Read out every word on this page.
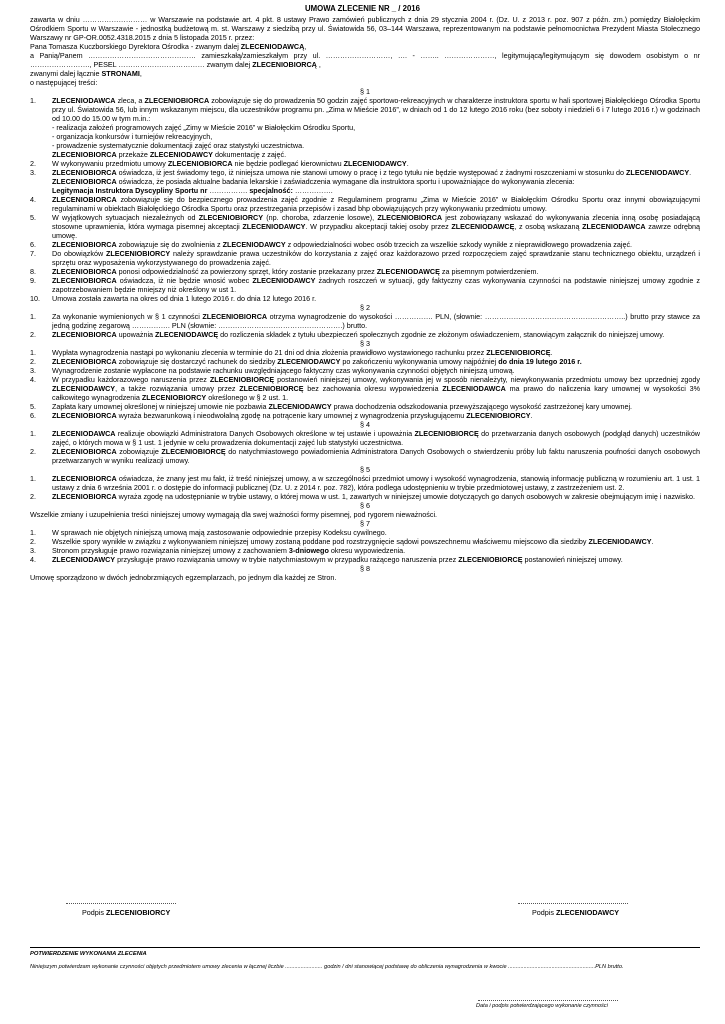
UMOWA ZLECENIE NR _ / 2016

zawarta w dniu ……………………… w Warszawie na podstawie art. 4 pkt. 8 ustawy Prawo zamówień publicznych z dnia 29 stycznia 2004 r. (Dz. U. z 2013 r. poz. 907 z późn. zm.) pomiędzy Białołęckim Ośrodkiem Sportu w Warszawie - jednostką budżetową m. st. Warszawy z siedzibą przy ul. Światowida 56, 03–144 Warszawa, reprezentowanym na podstawie pełnomocnictwa Prezydent Miasta Stołecznego Warszawy nr GP-OR.0052.4318.2015 z dnia 5 listopada 2015 r. przez:

Pana Tomasza Kuczborskiego Dyrektora Ośrodka - zwanym dalej ZLECENIODAWCĄ,

a Panią/Panem ……………………………………… zamieszkałą/zamieszkałym przy ul. ………………………, …. - …….. …………………, legitymującą/legitymującym się dowodem osobistym o nr ……………………., PESEL ……………………………… zwanym dalej ZLECENIOBIORCĄ ,

zwanymi dalej łącznie STRONAMI,

o następującej treści:

§ 1

1. ZLECENIODAWCA zleca, a ZLECENIOBIORCA zobowiązuje się do prowadzenia 50 godzin zajęć sportowo-rekreacyjnych w charakterze instruktora sportu w hali sportowej Białołęckiego Ośrodka Sportu przy ul. Światowida 56, lub innym wskazanym miejscu, dla uczestników programu pn. „Zima w Mieście 2016”, w dniach od 1 do 12 lutego 2016 roku (bez soboty i niedzieli 6 i 7 lutego 2016 r.) w godzinach od 10.00 do 15.00 w tym m.in.:
- realizacja założeń programowych zajęć „Zimy w Mieście 2016” w Białołęckim Ośrodku Sportu,
- organizacja konkursów i turniejów rekreacyjnych,
- prowadzenie systematycznie dokumentacji zajęć oraz statystyki uczestnictwa.
ZLECENIOBIORCA przekaże ZLECENIODAWCY dokumentację z zajęć.
2. W wykonywaniu przedmiotu umowy ZLECENIOBIORCA nie będzie podlegać kierownictwu ZLECENIODAWCY.
3. ZLECENIOBIORCA oświadcza, iż jest świadomy tego, iż niniejsza umowa nie stanowi umowy o pracę i z tego tytułu nie będzie występować z żadnymi roszczeniami w stosunku do ZLECENIODAWCY.
ZLECENIOBIORCA oświadcza, że posiada aktualne badania lekarskie i zaświadczenia wymagane dla instruktora sportu i upoważniające do wykonywania zlecenia:
Legitymacja Instruktora Dyscypliny Sportu nr ……………. specjalność: …………….
4. ZLECENIOBIORCA zobowiązuje się do bezpiecznego prowadzenia zajęć zgodnie z Regulaminem programu „Zima w Mieście 2016” w Białołęckim Ośrodku Sportu oraz innymi obowiązującymi regulaminami w obiektach Białołęckiego Ośrodka Sportu oraz przestrzegania przepisów i zasad bhp obowiązujących przy wykonywaniu przedmiotu umowy.
5. W wyjątkowych sytuacjach niezależnych od ZLECENIOBIORCY (np. choroba, zdarzenie losowe), ZLECENIOBIORCA jest zobowiązany wskazać do wykonywania zlecenia inną osobę posiadającą stosowne uprawnienia, która wymaga pisemnej akceptacji ZLECENIODAWCY. W przypadku akceptacji takiej osoby przez ZLECENIODAWCĘ, z osobą wskazaną ZLECENIODAWCA zawrze odrębną umowę.
6. ZLECENIOBIORCA zobowiązuje się do zwolnienia z ZLECENIODAWCY z odpowiedzialności wobec osób trzecich za wszelkie szkody wynikłe z nieprawidłowego prowadzenia zajęć.
7. Do obowiązków ZLECENIOBIORCY należy sprawdzanie prawa uczestników do korzystania z zajęć oraz każdorazowo przed rozpoczęciem zajęć sprawdzanie stanu technicznego obiektu, urządzeń i sprzętu oraz wyposażenia wykorzystywanego do prowadzenia zajęć.
8. ZLECENIOBIORCA ponosi odpowiedzialność za powierzony sprzęt, który zostanie przekazany przez ZLECENIODAWCĘ za pisemnym potwierdzeniem.
9. ZLECENIOBIORCA oświadcza, iż nie będzie wnosić wobec ZLECENIODAWCY żadnych roszczeń w sytuacji, gdy faktyczny czas wykonywania czynności na podstawie niniejszej umowy zgodnie z zapotrzebowaniem będzie mniejszy niż określony w ust 1.
10. Umowa została zawarta na okres od dnia 1 lutego 2016 r. do dnia 12 lutego 2016 r.

§ 2

1. Za wykonanie wymienionych w § 1 czynności ZLECENIOBIORCA otrzyma wynagrodzenie do wysokości ……………. PLN, (słownie: …………………………………………………..) brutto przy stawce za jedną godzinę zegarową ……………. PLN (słownie: …………………………………………….) brutto.
2. ZLECENIOBIORCA upoważnia ZLECENIODAWCĘ do rozliczenia składek z tytułu ubezpieczeń społecznych zgodnie ze złożonym oświadczeniem, stanowiącym załącznik do niniejszej umowy.

§ 3

1. Wypłata wynagrodzenia nastąpi po wykonaniu zlecenia w terminie do 21 dni od dnia złożenia prawidłowo wystawionego rachunku przez ZLECENIOBIORCĘ.
2. ZLECENIOBIORCA zobowiązuje się dostarczyć rachunek do siedziby ZLECENIODAWCY po zakończeniu wykonywania umowy najpóźniej do dnia 19 lutego 2016 r.
3. Wynagrodzenie zostanie wypłacone na podstawie rachunku uwzględniającego faktyczny czas wykonywania czynności objętych niniejszą umową.
4. W przypadku każdorazowego naruszenia przez ZLECENIOBIORCĘ postanowień niniejszej umowy, wykonywania jej w sposób nienależyty, niewykonywania przedmiotu umowy bez uprzedniej zgody ZLECENIODAWCY, a także rozwiązania umowy przez ZLECENIOBIORCĘ bez zachowania okresu wypowiedzenia ZLECENIODAWCA ma prawo do naliczenia kary umownej w wysokości 3% całkowitego wynagrodzenia ZLECENIOBIORCY określonego w § 2 ust. 1.
5. Zapłata kary umownej określonej w niniejszej umowie nie pozbawia ZLECENIODAWCY prawa dochodzenia odszkodowania przewyższającego wysokość zastrzeżonej kary umownej.
6. ZLECENIOBIORCA wyraża bezwarunkową i nieodwołalną zgodę na potrącenie kary umownej z wynagrodzenia przysługującemu ZLECENIOBIORCY.

§ 4

1. ZLECENIODAWCA realizuje obowiązki Administratora Danych Osobowych określone w tej ustawie i upoważnia ZLECENIOBIORCĘ do przetwarzania danych osobowych (podgląd danych) uczestników zajęć, o których mowa w § 1 ust. 1 jedynie w celu prowadzenia dokumentacji zajęć lub statystyki uczestnictwa.
2. ZLECENIOBIORCA zobowiązuje ZLECENIOBIORCĘ do natychmiastowego powiadomienia Administratora Danych Osobowych o stwierdzeniu próby lub faktu naruszenia poufności danych osobowych przetwarzanych w wyniku realizacji umowy.

§ 5

1. ZLECENIOBIORCA oświadcza, że znany jest mu fakt, iż treść niniejszej umowy, a w szczególności przedmiot umowy i wysokość wynagrodzenia, stanowią informację publiczną w rozumieniu art. 1 ust. 1 ustawy z dnia 6 września 2001 r. o dostępie do informacji publicznej (Dz. U. z 2014 r. poz. 782), która podlega udostępnieniu w trybie przedmiotowej ustawy, z zastrzeżeniem ust. 2.
2. ZLECENIOBIORCA wyraża zgodę na udostępnianie w trybie ustawy, o której mowa w ust. 1, zawartych w niniejszej umowie dotyczących go danych osobowych w zakresie obejmującym imię i nazwisko.

§ 6

Wszelkie zmiany i uzupełnienia treści niniejszej umowy wymagają dla swej ważności formy pisemnej, pod rygorem nieważności.

§ 7

1. W sprawach nie objętych niniejszą umową mają zastosowanie odpowiednie przepisy Kodeksu cywilnego.
2. Wszelkie spory wynikłe w związku z wykonywaniem niniejszej umowy zostaną poddane pod rozstrzygnięcie sądowi powszechnemu właściwemu miejscowo dla siedziby ZLECENIODAWCY.
3. Stronom przysługuje prawo rozwiązania niniejszej umowy z zachowaniem 3-dniowego okresu wypowiedzenia.
4. ZLECENIODAWCY przysługuje prawo rozwiązania umowy w trybie natychmiastowym w przypadku rażącego naruszenia przez ZLECENIOBIORCĘ postanowień niniejszej umowy.

§ 8

Umowę sporządzono w dwóch jednobrzmiących egzemplarzach, po jednym dla każdej ze Stron.

Podpis ZLECENIOBIORCY	Podpis ZLECENIODAWCY
POTWIERDZENIE WYKONANIA ZLECENIA
Niniejszym potwierdzam wykonanie czynności objętych przedmiotem umowy zlecenia w łącznej liczbie ........................ godzin / dni stanowiącej podstawę do obliczenia wynagrodzenia w kwocie ........................................................PLN brutto.
Data i podpis potwierdzającego wykonanie czynności
